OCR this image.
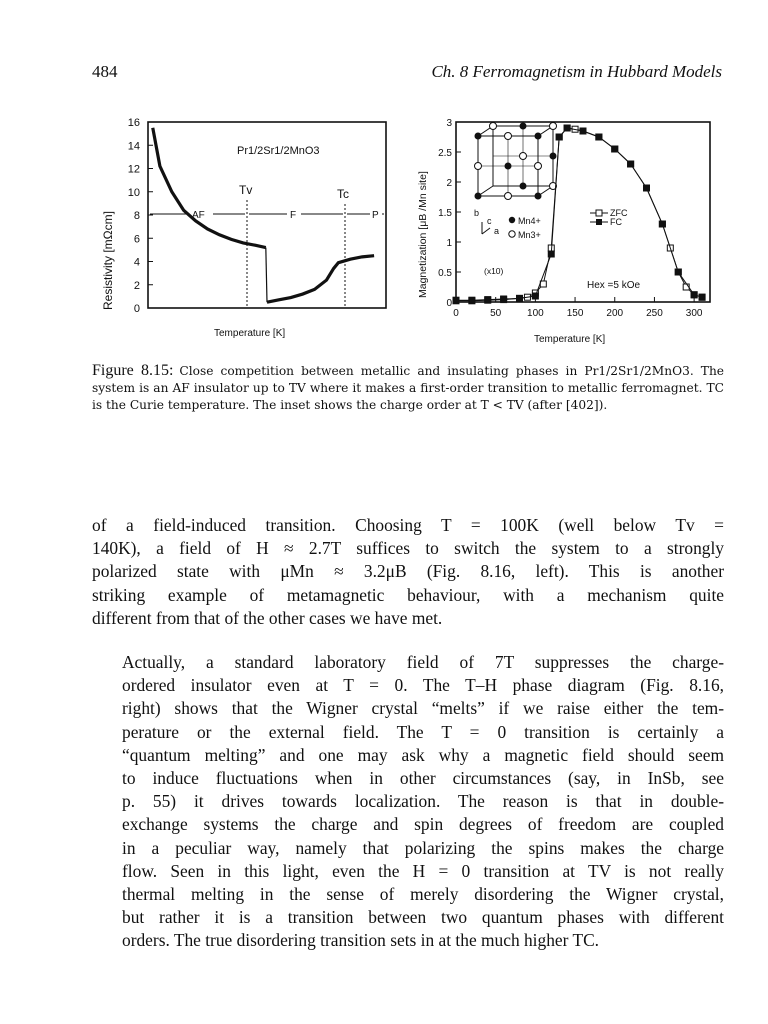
484	Ch. 8 Ferromagnetism in Hubbard Models
Resistivity [mΩcm]
16
14
12
10
8
6
4
2
0
Pr1/2Sr1/2MnO3
Tv	Tc
AF	F	P
Temperature [K]
Magnetization [μB /Mn site]
3
2.5
2
1.5
1
0.5
0
0	50	100 150 200 250 300
Temperature [K]
b
c
a
Mn4+
Mn3+
ZFC
FC
Hex =5 kOe
(x10)
Figure 8.15: Close competition between metallic and insulating phases in Pr1/2Sr1/2MnO3. The system is an AF insulator up to TV where it makes a first-order transition to metallic ferromagnet. TC is the Curie temperature. The inset shows the charge order at T < TV (after [402]).
of a field-induced transition. Choosing T = 100K (well below Tv =
140K), a field of H ≈ 2.7T suffices to switch the system to a strongly
polarized state with μMn ≈ 3.2μB (Fig. 8.16, left). This is another
striking example of metamagnetic behaviour, with a mechanism quite
different from that of the other cases we have met.
Actually, a standard laboratory field of 7T suppresses the charge-
ordered insulator even at T = 0. The T–H phase diagram (Fig. 8.16,
right) shows that the Wigner crystal “melts” if we raise either the tem-
perature or the external field. The T = 0 transition is certainly a
“quantum melting” and one may ask why a magnetic field should seem
to induce fluctuations when in other circumstances (say, in InSb, see
p. 55) it drives towards localization. The reason is that in double-
exchange systems the charge and spin degrees of freedom are coupled
in a peculiar way, namely that polarizing the spins makes the charge
flow. Seen in this light, even the H = 0 transition at TV is not really
thermal melting in the sense of merely disordering the Wigner crystal,
but rather it is a transition between two quantum phases with different
orders. The true disordering transition sets in at the much higher TC.
